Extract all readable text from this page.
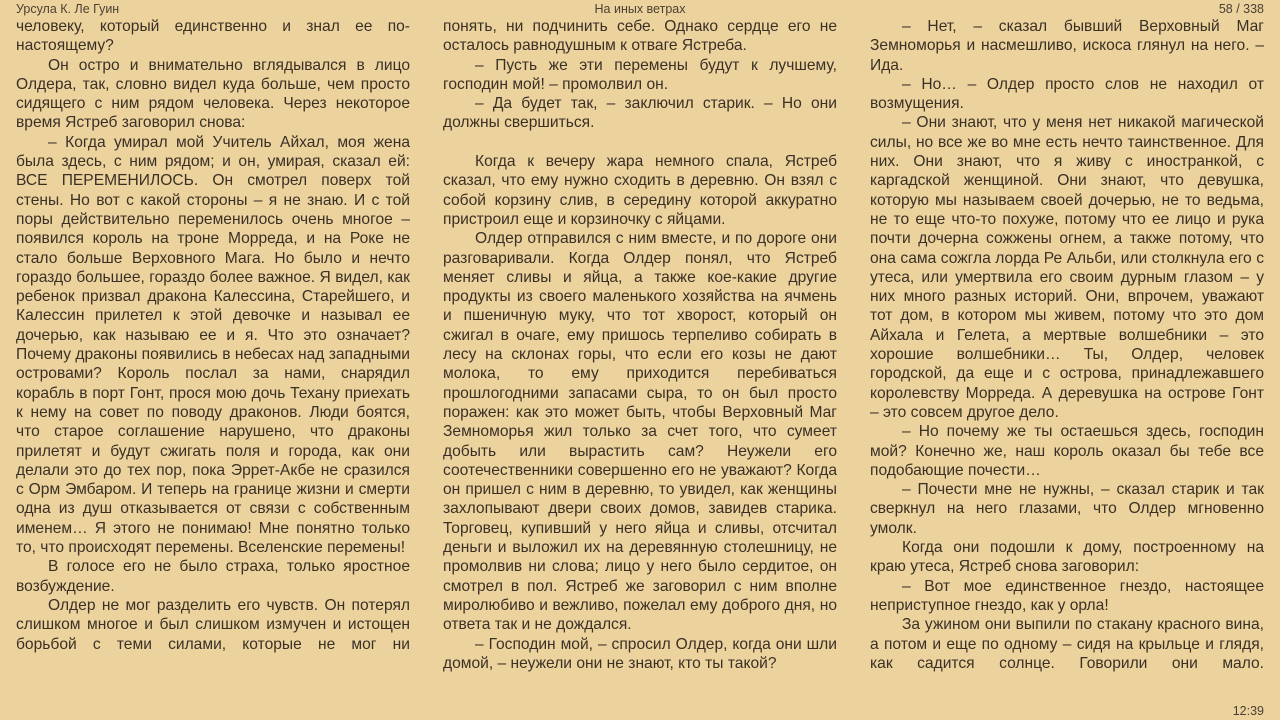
Урсула К. Ле Гуин	На иных ветрах	58 / 338

человеку, который единственно и знал ее по-настоящему?

Он остро и внимательно вглядывался в лицо Олдера, так, словно видел куда больше, чем просто сидящего с ним рядом человека. Через некоторое время Ястреб заговорил снова:

– Когда умирал мой Учитель Айхал, моя жена была здесь, с ним рядом; и он, умирая, сказал ей: ВСЕ ПЕРЕМЕНИЛОСЬ. Он смотрел поверх той стены. Но вот с какой стороны – я не знаю. И с той поры действительно переменилось очень многое – появился король на троне Морреда, и на Роке не стало больше Верховного Мага. Но было и нечто гораздо большее, гораздо более важное. Я видел, как ребенок призвал дракона Калессина, Старейшего, и Калессин прилетел к этой девочке и называл ее дочерью, как называю ее и я. Что это означает? Почему драконы появились в небесах над западными островами? Король послал за нами, снарядил корабль в порт Гонт, прося мою дочь Техану приехать к нему на совет по поводу драконов. Люди боятся, что старое соглашение нарушено, что драконы прилетят и будут сжигать поля и города, как они делали это до тех пор, пока Эррет-Акбе не сразился с Орм Эмбаром. И теперь на границе жизни и смерти одна из душ отказывается от связи с собственным именем… Я этого не понимаю! Мне понятно только то, что происходят перемены. Вселенские перемены!

В голосе его не было страха, только яростное возбуждение.

Олдер не мог разделить его чувств. Он потерял слишком многое и был слишком измучен и истощен борьбой с теми силами, которые не мог ни

понять, ни подчинить себе. Однако сердце его не осталось равнодушным к отваге Ястреба.

– Пусть же эти перемены будут к лучшему, господин мой! – промолвил он.

– Да будет так, – заключил старик. – Но они должны свершиться.

Когда к вечеру жара немного спала, Ястреб сказал, что ему нужно сходить в деревню. Он взял с собой корзину слив, в середину которой аккуратно пристроил еще и корзиночку с яйцами.

Олдер отправился с ним вместе, и по дороге они разговаривали. Когда Олдер понял, что Ястреб меняет сливы и яйца, а также кое-какие другие продукты из своего маленького хозяйства на ячмень и пшеничную муку, что тот хворост, который он сжигал в очаге, ему пришось терпеливо собирать в лесу на склонах горы, что если его козы не дают молока, то ему приходится перебиваться прошлогодними запасами сыра, то он был просто поражен: как это может быть, чтобы Верховный Маг Земноморья жил только за счет того, что сумеет добыть или вырастить сам? Неужели его соотечественники совершенно его не уважают? Когда он пришел с ним в деревню, то увидел, как женщины захлопывают двери своих домов, завидев старика. Торговец, купивший у него яйца и сливы, отсчитал деньги и выложил их на деревянную столешницу, не промолвив ни слова; лицо у него было сердитое, он смотрел в пол. Ястреб же заговорил с ним вполне миролюбиво и вежливо, пожелал ему доброго дня, но ответа так и не дождался.

– Господин мой, – спросил Олдер, когда они шли домой, – неужели они не знают, кто ты такой?

– Нет, – сказал бывший Верховный Маг Земноморья и насмешливо, искоса глянул на него. – Ида.

– Но… – Олдер просто слов не находил от возмущения.

– Они знают, что у меня нет никакой магической силы, но все же во мне есть нечто таинственное. Для них. Они знают, что я живу с иностранкой, с каргадской женщиной. Они знают, что девушка, которую мы называем своей дочерью, не то ведьма, не то еще что-то похуже, потому что ее лицо и рука почти дочерна сожжены огнем, а также потому, что она сама сожгла лорда Ре Альби, или столкнула его с утеса, или умертвила его своим дурным глазом – у них много разных историй. Они, впрочем, уважают тот дом, в котором мы живем, потому что это дом Айхала и Гелета, а мертвые волшебники – это хорошие волшебники… Ты, Олдер, человек городской, да еще и с острова, принадлежавшего королевству Морреда. А деревушка на острове Гонт – это совсем другое дело.

– Но почему же ты остаешься здесь, господин мой? Конечно же, наш король оказал бы тебе все подобающие почести…

– Почести мне не нужны, – сказал старик и так сверкнул на него глазами, что Олдер мгновенно умолк.

Когда они подошли к дому, построенному на краю утеса, Ястреб снова заговорил:

– Вот мое единственное гнездо, настоящее неприступное гнездо, как у орла!

За ужином они выпили по стакану красного вина, а потом и еще по одному – сидя на крыльце и глядя, как садится солнце. Говорили они мало.

12:39
